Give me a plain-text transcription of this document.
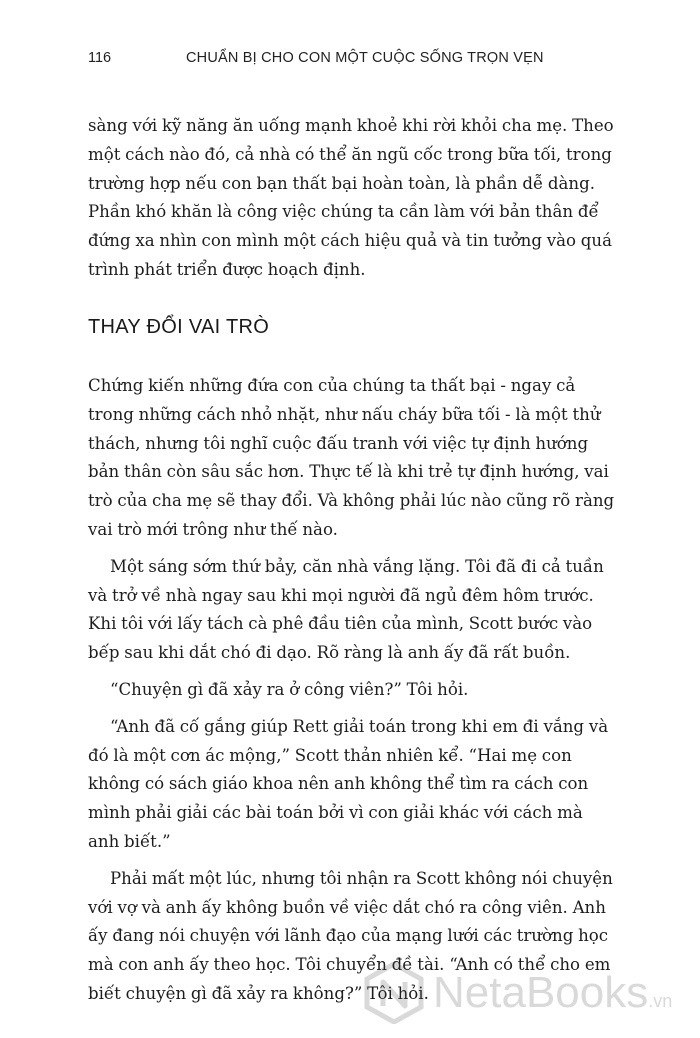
116	CHUẨN BỊ CHO CON MỘT CUỘC SỐNG TRỌN VẸN

sàng với kỹ năng ăn uống mạnh khoẻ khi rời khỏi cha mẹ. Theo một cách nào đó, cả nhà có thể ăn ngũ cốc trong bữa tối, trong trường hợp nếu con bạn thất bại hoàn toàn, là phần dễ dàng. Phần khó khăn là công việc chúng ta cần làm với bản thân để đứng xa nhìn con mình một cách hiệu quả và tin tưởng vào quá trình phát triển được hoạch định.

THAY ĐỔI VAI TRÒ

Chứng kiến những đứa con của chúng ta thất bại - ngay cả trong những cách nhỏ nhặt, như nấu cháy bữa tối - là một thử thách, nhưng tôi nghĩ cuộc đấu tranh với việc tự định hướng bản thân còn sâu sắc hơn. Thực tế là khi trẻ tự định hướng, vai trò của cha mẹ sẽ thay đổi. Và không phải lúc nào cũng rõ ràng vai trò mới trông như thế nào.

Một sáng sớm thứ bảy, căn nhà vắng lặng. Tôi đã đi cả tuần và trở về nhà ngay sau khi mọi người đã ngủ đêm hôm trước. Khi tôi với lấy tách cà phê đầu tiên của mình, Scott bước vào bếp sau khi dắt chó đi dạo. Rõ ràng là anh ấy đã rất buồn.

“Chuyện gì đã xảy ra ở công viên?” Tôi hỏi.

“Anh đã cố gắng giúp Rett giải toán trong khi em đi vắng và đó là một cơn ác mộng,” Scott thản nhiên kể. “Hai mẹ con không có sách giáo khoa nên anh không thể tìm ra cách con mình phải giải các bài toán bởi vì con giải khác với cách mà anh biết.”

Phải mất một lúc, nhưng tôi nhận ra Scott không nói chuyện với vợ và anh ấy không buồn về việc dắt chó ra công viên. Anh ấy đang nói chuyện với lãnh đạo của mạng lưới các trường học mà con anh ấy theo học. Tôi chuyển đề tài. “Anh có thể cho em biết chuyện gì đã xảy ra không?” Tôi hỏi. NetaBooks.vn
